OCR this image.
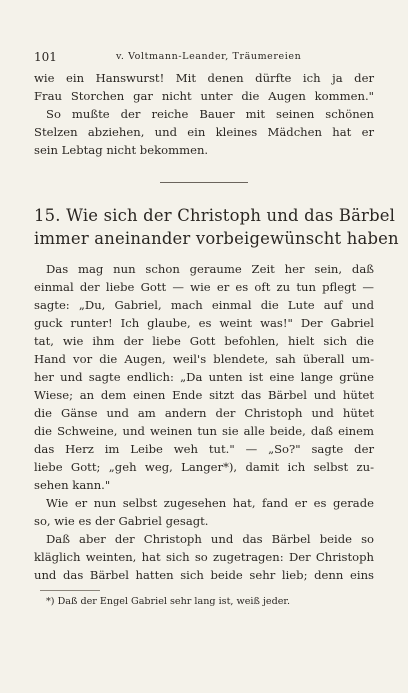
101	v. Voltmann-Leander, Träumereien
wie ein Hanswurst! Mit denen dürfte ich ja der
Frau Storchen gar nicht unter die Augen kommen."
So mußte der reiche Bauer mit seinen schönen
Stelzen abziehen, und ein kleines Mädchen hat er
sein Lebtag nicht bekommen.
15. Wie sich der Christoph und das Bärbel
immer aneinander vorbeigewünscht haben
Das mag nun schon geraume Zeit her sein, daß
einmal der liebe Gott — wie er es oft zu tun pflegt —
sagte: „Du, Gabriel, mach einmal die Lute auf und
guck runter! Ich glaube, es weint was!" Der Gabriel
tat, wie ihm der liebe Gott befohlen, hielt sich die
Hand vor die Augen, weil's blendete, sah überall um-
her und sagte endlich: „Da unten ist eine lange grüne
Wiese; an dem einen Ende sitzt das Bärbel und hütet
die Gänse und am andern der Christoph und hütet
die Schweine, und weinen tun sie alle beide, daß einem
das Herz im Leibe weh tut." — „So?" sagte der
liebe Gott; „geh weg, Langer*), damit ich selbst zu-
sehen kann."
Wie er nun selbst zugesehen hat, fand er es gerade
so, wie es der Gabriel gesagt.
Daß aber der Christoph und das Bärbel beide so
kläglich weinten, hat sich so zugetragen: Der Christoph
und das Bärbel hatten sich beide sehr lieb; denn eins
*) Daß der Engel Gabriel sehr lang ist, weiß jeder.
